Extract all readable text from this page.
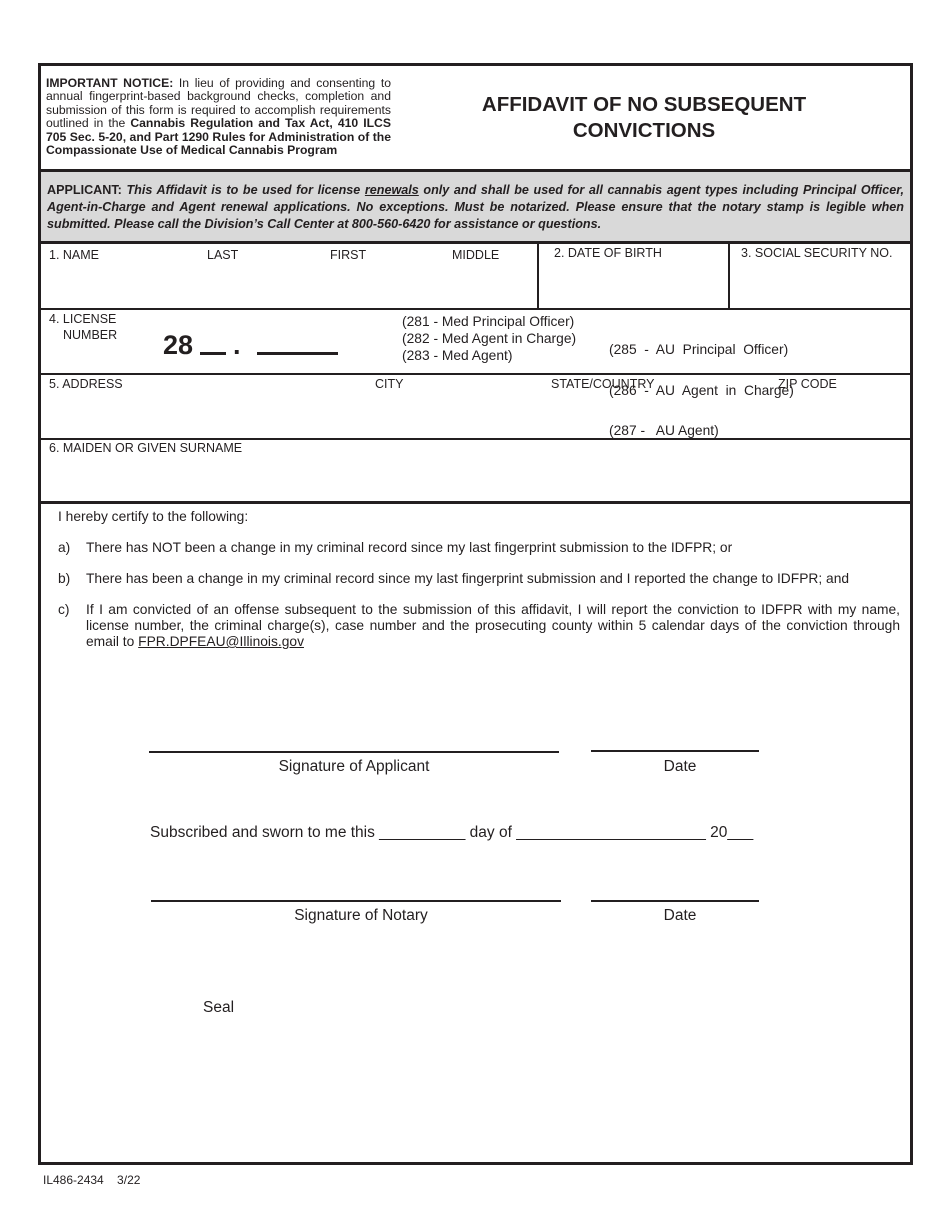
IMPORTANT NOTICE: In lieu of providing and consenting to annual fingerprint-based background checks, completion and submission of this form is required to accomplish requirements outlined in the Cannabis Regulation and Tax Act, 410 ILCS 705 Sec. 5-20, and Part 1290 Rules for Administration of the Compassionate Use of Medical Cannabis Program
AFFIDAVIT OF NO SUBSEQUENT CONVICTIONS

APPLICANT: This Affidavit is to be used for license renewals only and shall be used for all cannabis agent types including Principal Officer, Agent-in-Charge and Agent renewal applications. No exceptions. Must be notarized. Please ensure that the notary stamp is legible when submitted. Please call the Division’s Call Center at 800-560-6420 for assistance or questions.

1. NAME	LAST	FIRST	MIDDLE	2. DATE OF BIRTH	3. SOCIAL SECURITY NO.
4. LICENSE
NUMBER 28 .
(281 - Med Principal Officer)
(282 - Med Agent in Charge)
(283 - Med Agent)

	(285  -  AU  Principal  Officer)

(286  -  AU  Agent  in  Charge)

(287 -   AU Agent)

5. ADDRESS	CITY	STATE/COUNTRY	ZIP CODE
6. MAIDEN OR GIVEN SURNAME
I hereby certify to the following:
a) There has NOT been a change in my criminal record since my last fingerprint submission to the IDFPR; or
b) There has been a change in my criminal record since my last fingerprint submission and I reported the change to IDFPR; and
c) If I am convicted of an offense subsequent to the submission of this affidavit, I will report the conviction to IDFPR with my name, license number, the criminal charge(s), case number and the prosecuting county within 5 calendar days of the conviction through email to FPR.DPFEAU@Illinois.gov
Signature of Applicant	Date
Subscribed and sworn to me this __________ day of ______________________ 20___
Signature of Notary	Date
Seal
IL486-2434    3/22
